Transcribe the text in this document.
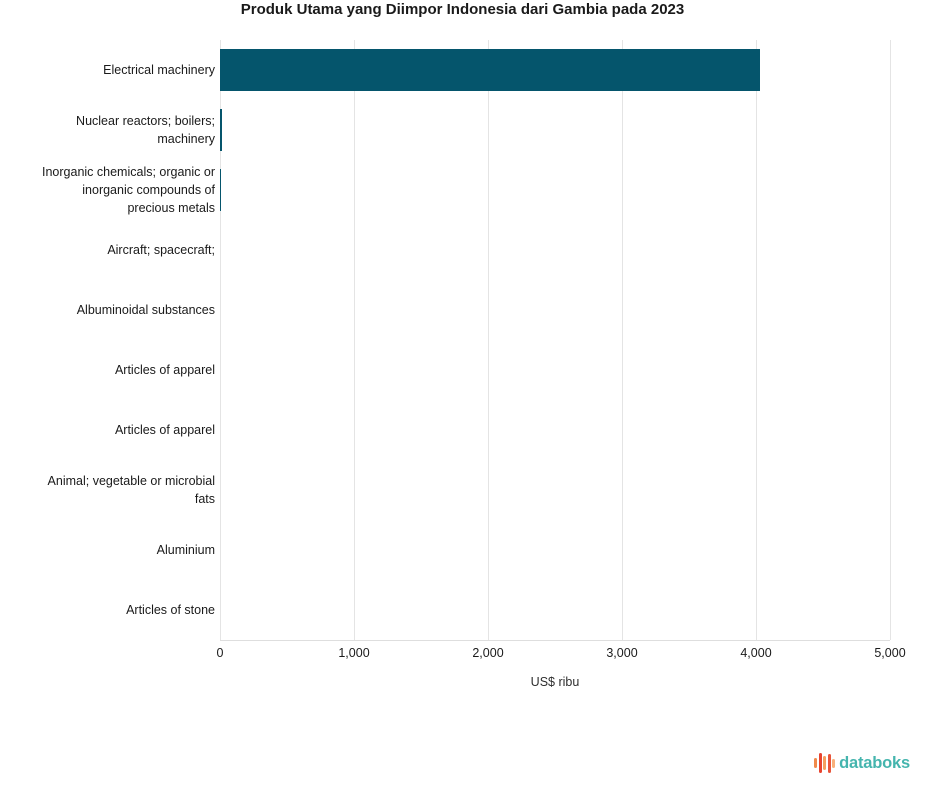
Produk Utama yang Diimpor Indonesia dari Gambia pada 2023
Electrical machinery
Nuclear reactors; boilers; machinery
Inorganic chemicals; organic or inorganic compounds of precious metals
Aircraft; spacecraft;
Albuminoidal substances
Articles of apparel
Articles of apparel
Animal; vegetable or microbial fats
Aluminium
Articles of stone
0	1,000	2,000	3,000	4,000	5,000
US$ ribu
databoks
